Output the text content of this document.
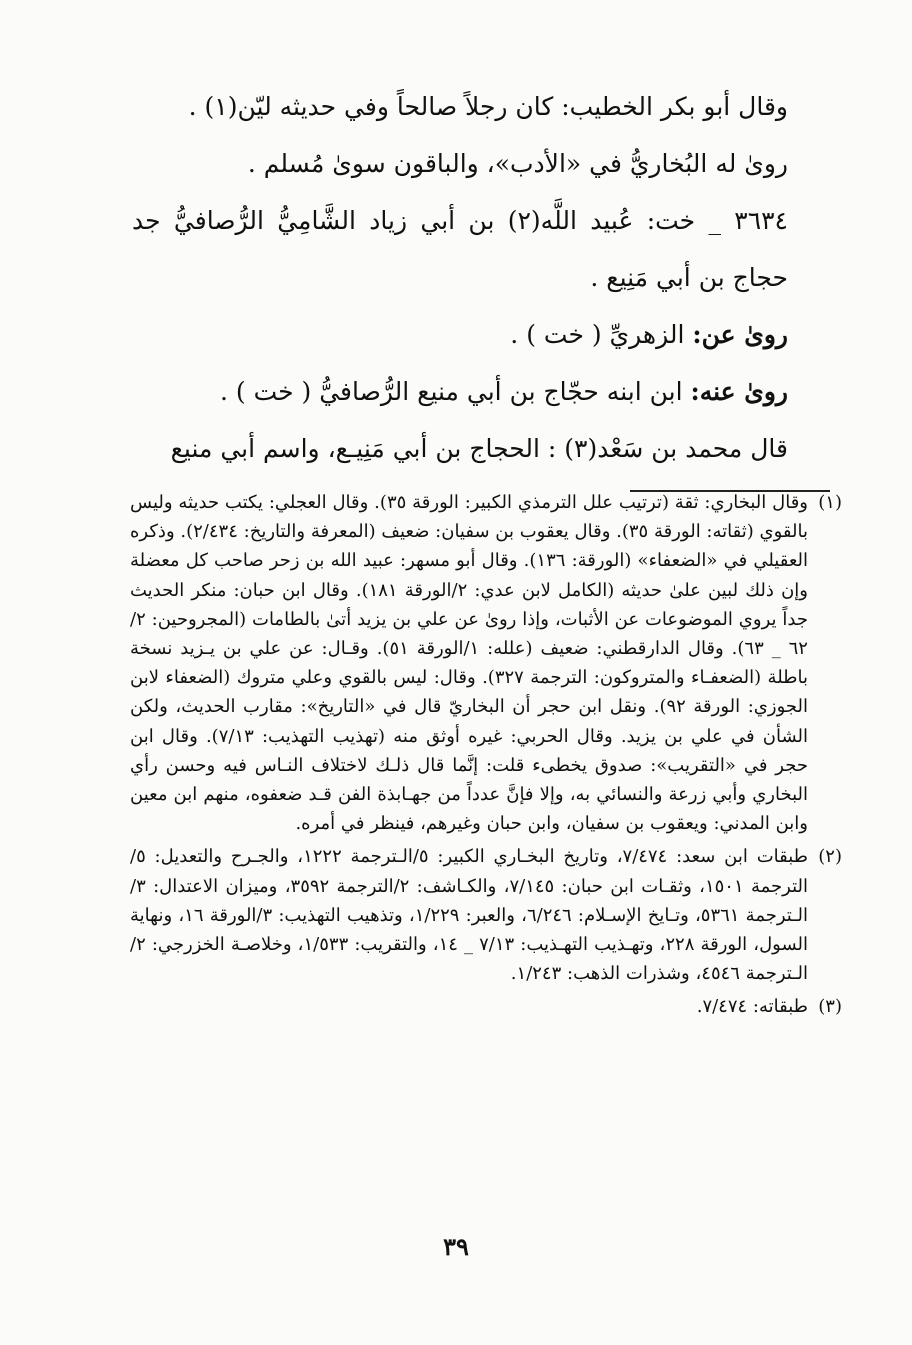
وقال أبو بكر الخطيب: كان رجلاً صالحاً وفي حديثه ليّن(١) .

روىٰ له البُخاريُّ في «الأدب»، والباقون سوىٰ مُسلم .

٣٦٣٤ _ خت: عُبيد اللَّه(٢) بن أبي زياد الشَّامِيُّ الرُّصافيُّ جد حجاج بن أبي مَنِيع .

روىٰ عن: الزهريِّ ( خت ) .

روىٰ عنه: ابن ابنه حجّاج بن أبي منيع الرُّصافيُّ ( خت ) .

قال محمد بن سَعْد(٣) : الحجاج بن أبي مَنِيـع، واسم أبي منيع

(١)
وقال البخاري: ثقة (ترتيب علل الترمذي الكبير: الورقة ٣٥). وقال العجلي: يكتب حديثه وليس بالقوي (ثقاته: الورقة ٣٥). وقال يعقوب بن سفيان: ضعيف (المعرفة والتاريخ: ٢/٤٣٤). وذكره العقيلي في «الضعفاء» (الورقة: ١٣٦). وقال أبو مسهر: عبيد الله بن زحر صاحب كل معضلة وإن ذلك لبين علىٰ حديثه (الكامل لابن عدي: ٢/الورقة ١٨١). وقال ابن حبان: منكر الحديث جداً يروي الموضوعات عن الأثبات، وإذا روىٰ عن علي بن يزيد أتىٰ بالطامات (المجروحين: ٢/ ٦٢ _ ٦٣). وقال الدارقطني: ضعيف (علله: ١/الورقة ٥١). وقـال: عن علي بن يـزيد نسخة باطلة (الضعفـاء والمتروكون: الترجمة ٣٢٧). وقال: ليس بالقوي وعلي متروك (الضعفاء لابن الجوزي: الورقة ٩٢). ونقل ابن حجر أن البخاريّ قال في «التاريخ»: مقارب الحديث، ولكن الشأن في علي بن يزيد. وقال الحربي: غيره أوثق منه (تهذيب التهذيب: ٧/١٣). وقال ابن حجر في «التقريب»: صدوق يخطىء قلت: إنَّما قال ذلـك لاختلاف النـاس فيه وحسن رأي البخاري وأبي زرعة والنسائي به، وإلا فإنَّ عدداً من جهـابذة الفن قـد ضعفوه، منهم ابن معين وابن المدني: ويعقوب بن سفيان، وابن حبان وغيرهم، فينظر في أمره.
(٢)
طبقات ابن سعد: ٧/٤٧٤، وتاريخ البخـاري الكبير: ٥/الـترجمة ١٢٢٢، والجـرح والتعديل: ٥/الترجمة ١٥٠١، وثقـات ابن حبان: ٧/١٤٥، والكـاشف: ٢/الترجمة ٣٥٩٢، وميزان الاعتدال: ٣/الـترجمة ٥٣٦١، وتـايخ الإسـلام: ٦/٢٤٦، والعبر: ١/٢٢٩، وتذهيب التهذيب: ٣/الورقة ١٦، ونهاية السول، الورقة ٢٢٨، وتهـذيب التهـذيب: ٧/١٣ _ ١٤، والتقريب: ١/٥٣٣، وخلاصـة الخزرجي: ٢/الـترجمة ٤٥٤٦، وشذرات الذهب: ١/٢٤٣.
(٣)
طبقاته: ٧/٤٧٤.
٣٩
